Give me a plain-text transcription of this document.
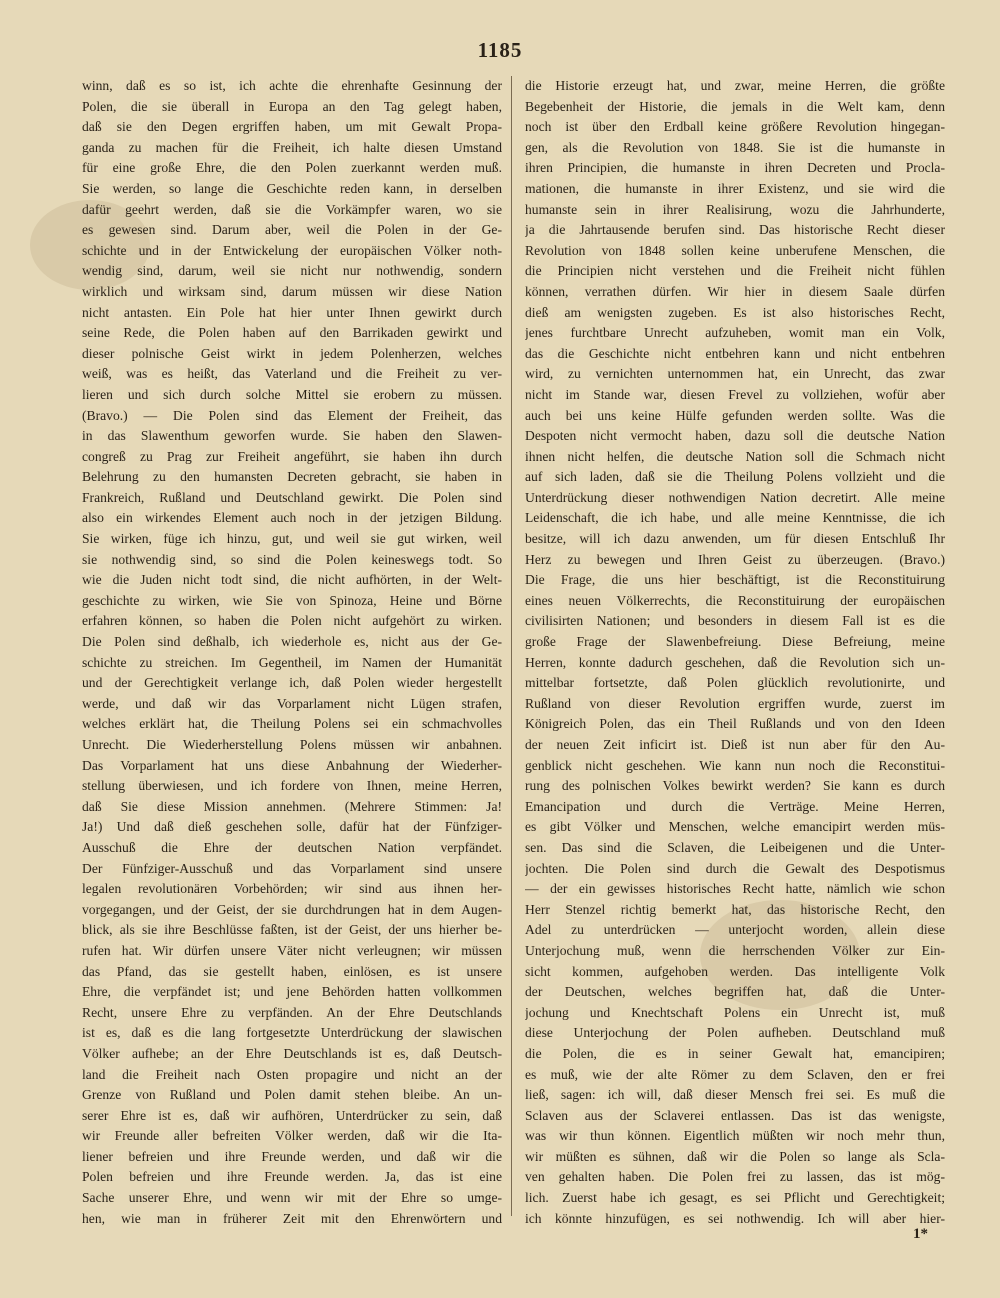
1185
winn, daß es so ist, ich achte die ehrenhafte Gesinnung der
Polen, die sie überall in Europa an den Tag gelegt haben,
daß sie den Degen ergriffen haben, um mit Gewalt Propa-
ganda zu machen für die Freiheit, ich halte diesen Umstand
für eine große Ehre, die den Polen zuerkannt werden muß.
Sie werden, so lange die Geschichte reden kann, in derselben
dafür geehrt werden, daß sie die Vorkämpfer waren, wo sie
es gewesen sind. Darum aber, weil die Polen in der Ge-
schichte und in der Entwickelung der europäischen Völker noth-
wendig sind, darum, weil sie nicht nur nothwendig, sondern
wirklich und wirksam sind, darum müssen wir diese Nation
nicht antasten. Ein Pole hat hier unter Ihnen gewirkt durch
seine Rede, die Polen haben auf den Barrikaden gewirkt und
dieser polnische Geist wirkt in jedem Polenherzen, welches
weiß, was es heißt, das Vaterland und die Freiheit zu ver-
lieren und sich durch solche Mittel sie erobern zu müssen.
(Bravo.) — Die Polen sind das Element der Freiheit, das
in das Slawenthum geworfen wurde. Sie haben den Slawen-
congreß zu Prag zur Freiheit angeführt, sie haben ihn durch
Belehrung zu den humansten Decreten gebracht, sie haben in
Frankreich, Rußland und Deutschland gewirkt. Die Polen sind
also ein wirkendes Element auch noch in der jetzigen Bildung.
Sie wirken, füge ich hinzu, gut, und weil sie gut wirken, weil
sie nothwendig sind, so sind die Polen keineswegs todt. So
wie die Juden nicht todt sind, die nicht aufhörten, in der Welt-
geschichte zu wirken, wie Sie von Spinoza, Heine und Börne
erfahren können, so haben die Polen nicht aufgehört zu wirken.
Die Polen sind deßhalb, ich wiederhole es, nicht aus der Ge-
schichte zu streichen. Im Gegentheil, im Namen der Humanität
und der Gerechtigkeit verlange ich, daß Polen wieder hergestellt
werde, und daß wir das Vorparlament nicht Lügen strafen,
welches erklärt hat, die Theilung Polens sei ein schmachvolles
Unrecht. Die Wiederherstellung Polens müssen wir anbahnen.
Das Vorparlament hat uns diese Anbahnung der Wiederher-
stellung überwiesen, und ich fordere von Ihnen, meine Herren,
daß Sie diese Mission annehmen. (Mehrere Stimmen: Ja!
Ja!) Und daß dieß geschehen solle, dafür hat der Fünfziger-
Ausschuß die Ehre der deutschen Nation verpfändet.
Der Fünfziger-Ausschuß und das Vorparlament sind unsere
legalen revolutionären Vorbehörden; wir sind aus ihnen her-
vorgegangen, und der Geist, der sie durchdrungen hat in dem Augen-
blick, als sie ihre Beschlüsse faßten, ist der Geist, der uns hierher be-
rufen hat. Wir dürfen unsere Väter nicht verleugnen; wir müssen
das Pfand, das sie gestellt haben, einlösen, es ist unsere
Ehre, die verpfändet ist; und jene Behörden hatten vollkommen
Recht, unsere Ehre zu verpfänden. An der Ehre Deutschlands
ist es, daß es die lang fortgesetzte Unterdrückung der slawischen
Völker aufhebe; an der Ehre Deutschlands ist es, daß Deutsch-
land die Freiheit nach Osten propagire und nicht an der
Grenze von Rußland und Polen damit stehen bleibe. An un-
serer Ehre ist es, daß wir aufhören, Unterdrücker zu sein, daß
wir Freunde aller befreiten Völker werden, daß wir die Ita-
liener befreien und ihre Freunde werden, und daß wir die
Polen befreien und ihre Freunde werden. Ja, das ist eine
Sache unserer Ehre, und wenn wir mit der Ehre so umge-
hen, wie man in früherer Zeit mit den Ehrenwörtern und
die Historie erzeugt hat, und zwar, meine Herren, die größte
Begebenheit der Historie, die jemals in die Welt kam, denn
noch ist über den Erdball keine größere Revolution hingegan-
gen, als die Revolution von 1848. Sie ist die humanste in
ihren Principien, die humanste in ihren Decreten und Procla-
mationen, die humanste in ihrer Existenz, und sie wird die
humanste sein in ihrer Realisirung, wozu die Jahrhunderte,
ja die Jahrtausende berufen sind. Das historische Recht dieser
Revolution von 1848 sollen keine unberufene Menschen, die
die Principien nicht verstehen und die Freiheit nicht fühlen
können, verrathen dürfen. Wir hier in diesem Saale dürfen
dieß am wenigsten zugeben. Es ist also historisches Recht,
jenes furchtbare Unrecht aufzuheben, womit man ein Volk,
das die Geschichte nicht entbehren kann und nicht entbehren
wird, zu vernichten unternommen hat, ein Unrecht, das zwar
nicht im Stande war, diesen Frevel zu vollziehen, wofür aber
auch bei uns keine Hülfe gefunden werden sollte. Was die
Despoten nicht vermocht haben, dazu soll die deutsche Nation
ihnen nicht helfen, die deutsche Nation soll die Schmach nicht
auf sich laden, daß sie die Theilung Polens vollzieht und die
Unterdrückung dieser nothwendigen Nation decretirt. Alle meine
Leidenschaft, die ich habe, und alle meine Kenntnisse, die ich
besitze, will ich dazu anwenden, um für diesen Entschluß Ihr
Herz zu bewegen und Ihren Geist zu überzeugen. (Bravo.)
Die Frage, die uns hier beschäftigt, ist die Reconstituirung
eines neuen Völkerrechts, die Reconstituirung der europäischen
civilisirten Nationen; und besonders in diesem Fall ist es die
große Frage der Slawenbefreiung. Diese Befreiung, meine
Herren, konnte dadurch geschehen, daß die Revolution sich un-
mittelbar fortsetzte, daß Polen glücklich revolutionirte, und
Rußland von dieser Revolution ergriffen wurde, zuerst im
Königreich Polen, das ein Theil Rußlands und von den Ideen
der neuen Zeit inficirt ist. Dieß ist nun aber für den Au-
genblick nicht geschehen. Wie kann nun noch die Reconstitui-
rung des polnischen Volkes bewirkt werden? Sie kann es durch
Emancipation und durch die Verträge. Meine Herren,
es gibt Völker und Menschen, welche emancipirt werden müs-
sen. Das sind die Sclaven, die Leibeigenen und die Unter-
jochten. Die Polen sind durch die Gewalt des Despotismus
— der ein gewisses historisches Recht hatte, nämlich wie schon
Herr Stenzel richtig bemerkt hat, das historische Recht, den
Adel zu unterdrücken — unterjocht worden, allein diese
Unterjochung muß, wenn die herrschenden Völker zur Ein-
sicht kommen, aufgehoben werden. Das intelligente Volk
der Deutschen, welches begriffen hat, daß die Unter-
jochung und Knechtschaft Polens ein Unrecht ist, muß
diese Unterjochung der Polen aufheben. Deutschland muß
die Polen, die es in seiner Gewalt hat, emancipiren;
es muß, wie der alte Römer zu dem Sclaven, den er frei
ließ, sagen: ich will, daß dieser Mensch frei sei. Es muß die
Sclaven aus der Sclaverei entlassen. Das ist das wenigste,
was wir thun können. Eigentlich müßten wir noch mehr thun,
wir müßten es sühnen, daß wir die Polen so lange als Scla-
ven gehalten haben. Die Polen frei zu lassen, das ist mög-
lich. Zuerst habe ich gesagt, es sei Pflicht und Gerechtigkeit;
ich könnte hinzufügen, es sei nothwendig. Ich will aber hier-
1*
